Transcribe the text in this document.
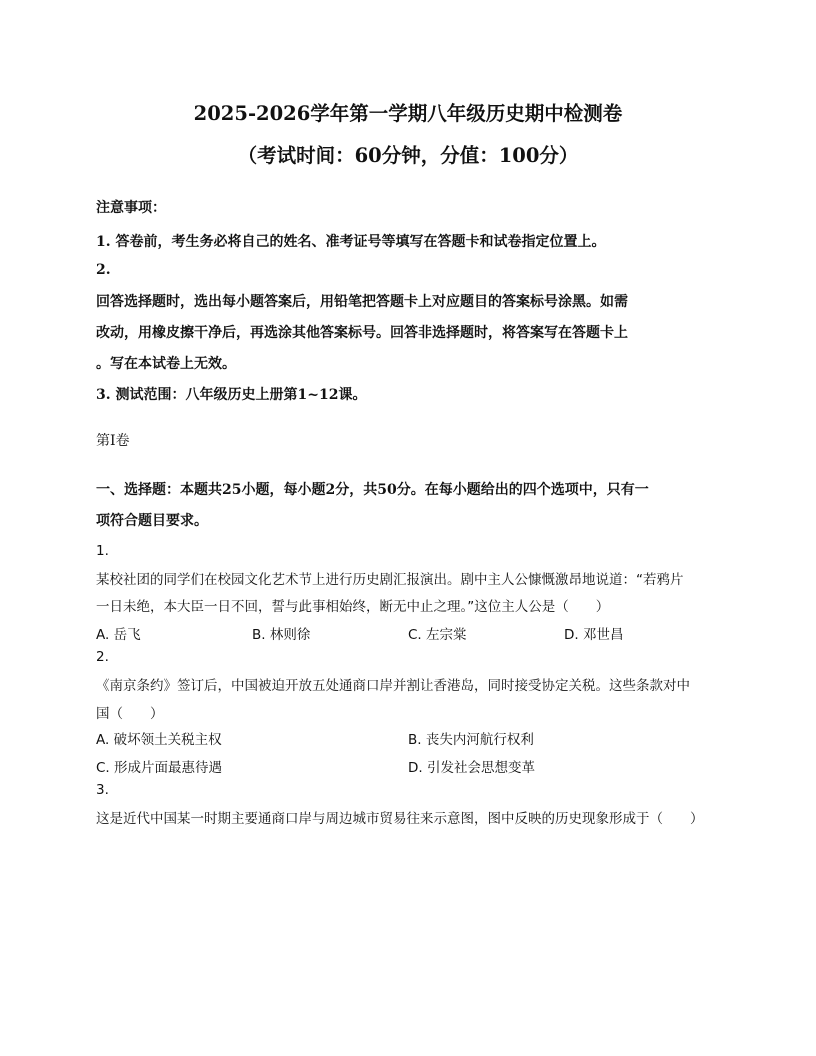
2025-2026学年第一学期八年级历史期中检测卷
（考试时间：60分钟，分值：100分）
注意事项：
1. 答卷前，考生务必将自己的姓名、准考证号等填写在答题卡和试卷指定位置上。
2.
回答选择题时，选出每小题答案后，用铅笔把答题卡上对应题目的答案标号涂黑。如需
改动，用橡皮擦干净后，再选涂其他答案标号。回答非选择题时，将答案写在答题卡上
。写在本试卷上无效。
3. 测试范围：八年级历史上册第1~12课。
第Ⅰ卷
一、选择题：本题共25小题，每小题2分，共50分。在每小题给出的四个选项中，只有一
项符合题目要求。
1.
某校社团的同学们在校园文化艺术节上进行历史剧汇报演出。剧中主人公慷慨激昂地说道：“若鸦片
一日未绝，本大臣一日不回，誓与此事相始终，断无中止之理。”这位主人公是（　　）
A. 岳飞	B. 林则徐	C. 左宗棠	D. 邓世昌
2.
《南京条约》签订后，中国被迫开放五处通商口岸并割让香港岛，同时接受协定关税。这些条款对中
国（　　）
A. 破坏领土关税主权	B. 丧失内河航行权利
C. 形成片面最惠待遇	D. 引发社会思想变革
3.
这是近代中国某一时期主要通商口岸与周边城市贸易往来示意图，图中反映的历史现象形成于（　　）
